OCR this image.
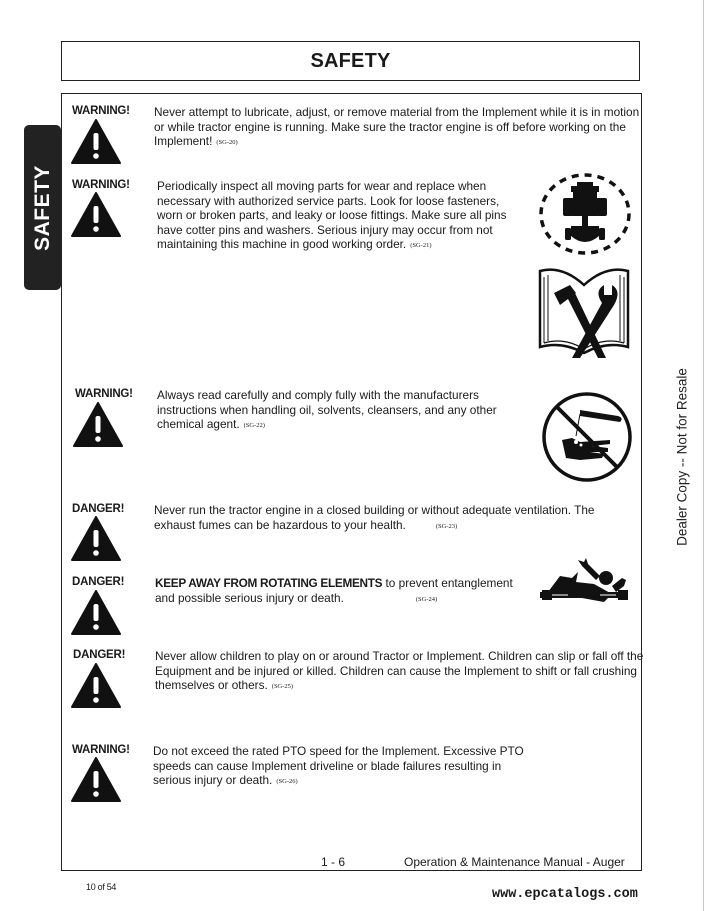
SAFETY
SAFETY
Dealer Copy -- Not for Resale
WARNING! Never attempt to lubricate, adjust, or remove material from the Implement while it is in motion
or while tractor engine is running. Make sure the tractor engine is off before working on the
Implement! (SG-20)
WARNING! Periodically inspect all moving parts for wear and replace when
necessary with authorized service parts. Look for loose fasteners,
worn or broken parts, and leaky or loose fittings. Make sure all pins
have cotter pins and washers. Serious injury may occur from not
maintaining this machine in good working order. (SG-21)
WARNING! Always read carefully and comply fully with the manufacturers
instructions when handling oil, solvents, cleansers, and any other
chemical agent. (SG-22)
DANGER!	Never run the tractor engine in a closed building or without adequate ventilation. The
exhaust fumes can be hazardous to your health.	(SG-23)
DANGER!	KEEP AWAY FROM ROTATING ELEMENTS to prevent entanglement
and possible serious injury or death.	(SG-24)
DANGER!	Never allow children to play on or around Tractor or Implement. Children can slip or fall off the
Equipment and be injured or killed. Children can cause the Implement to shift or fall crushing
themselves or others. (SG-25)
WARNING! Do not exceed the rated PTO speed for the Implement. Excessive PTO
speeds can cause Implement driveline or blade failures resulting in
serious injury or death. (SG-26)
1 - 6	Operation & Maintenance Manual - Auger
10 of 54	www.epcatalogs.com
